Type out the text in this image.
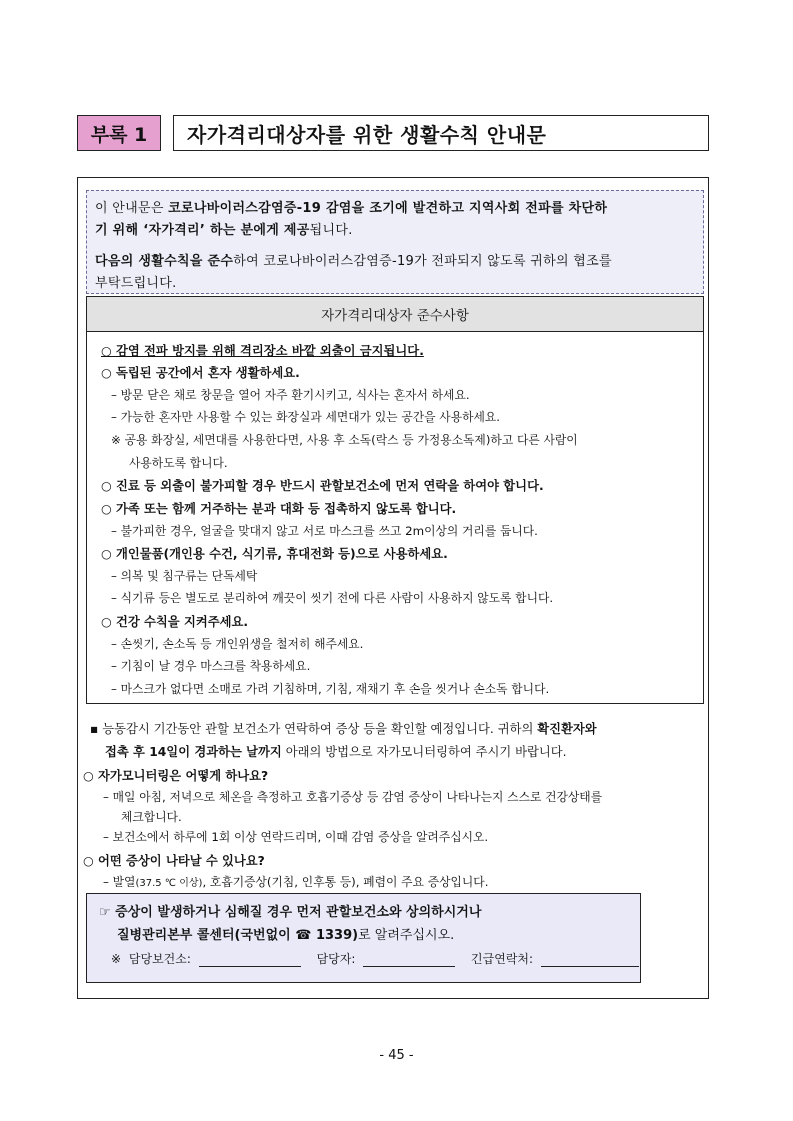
부록 1	자가격리대상자를 위한 생활수칙 안내문
이 안내문은 코로나바이러스감염증-19 감염을 조기에 발견하고 지역사회 전파를 차단하
기 위해 ‘자가격리’ 하는 분에게 제공됩니다.
다음의 생활수칙을 준수하여 코로나바이러스감염증-19가 전파되지 않도록 귀하의 협조를
부탁드립니다.
자가격리대상자 준수사항
○ 감염 전파 방지를 위해 격리장소 바깥 외출이 금지됩니다.
○ 독립된 공간에서 혼자 생활하세요.
– 방문 닫은 채로 창문을 열어 자주 환기시키고, 식사는 혼자서 하세요.
– 가능한 혼자만 사용할 수 있는 화장실과 세면대가 있는 공간을 사용하세요.
※ 공용 화장실, 세면대를 사용한다면, 사용 후 소독(락스 등 가정용소독제)하고 다른 사람이
사용하도록 합니다.
○ 진료 등 외출이 불가피할 경우 반드시 관할보건소에 먼저 연락을 하여야 합니다.
○ 가족 또는 함께 거주하는 분과 대화 등 접촉하지 않도록 합니다.
– 불가피한 경우, 얼굴을 맞대지 않고 서로 마스크를 쓰고 2m이상의 거리를 둡니다.
○ 개인물품(개인용 수건, 식기류, 휴대전화 등)으로 사용하세요.
– 의복 및 침구류는 단독세탁
– 식기류 등은 별도로 분리하여 깨끗이 씻기 전에 다른 사람이 사용하지 않도록 합니다.
○ 건강 수칙을 지켜주세요.
– 손씻기, 손소독 등 개인위생을 철저히 해주세요.
– 기침이 날 경우 마스크를 착용하세요.
– 마스크가 없다면 소매로 가려 기침하며, 기침, 재채기 후 손을 씻거나 손소독 합니다.
▪ 능동감시 기간동안 관할 보건소가 연락하여 증상 등을 확인할 예정입니다. 귀하의 확진환자와
접촉 후 14일이 경과하는 날까지 아래의 방법으로 자가모니터링하여 주시기 바랍니다.
○ 자가모니터링은 어떻게 하나요?
– 매일 아침, 저녁으로 체온을 측정하고 호흡기증상 등 감염 증상이 나타나는지 스스로 건강상태를
체크합니다.
– 보건소에서 하루에 1회 이상 연락드리며, 이때 감염 증상을 알려주십시오.
○ 어떤 증상이 나타날 수 있나요?
– 발열(37.5 ℃ 이상), 호흡기증상(기침, 인후통 등), 폐렴이 주요 증상입니다.
☞ 증상이 발생하거나 심해질 경우 먼저 관할보건소와 상의하시거나
질병관리본부 콜센터(국번없이 ☎ 1339)로 알려주십시오.
※ 담당보건소:	담당자:	긴급연락처:
- 45 -
